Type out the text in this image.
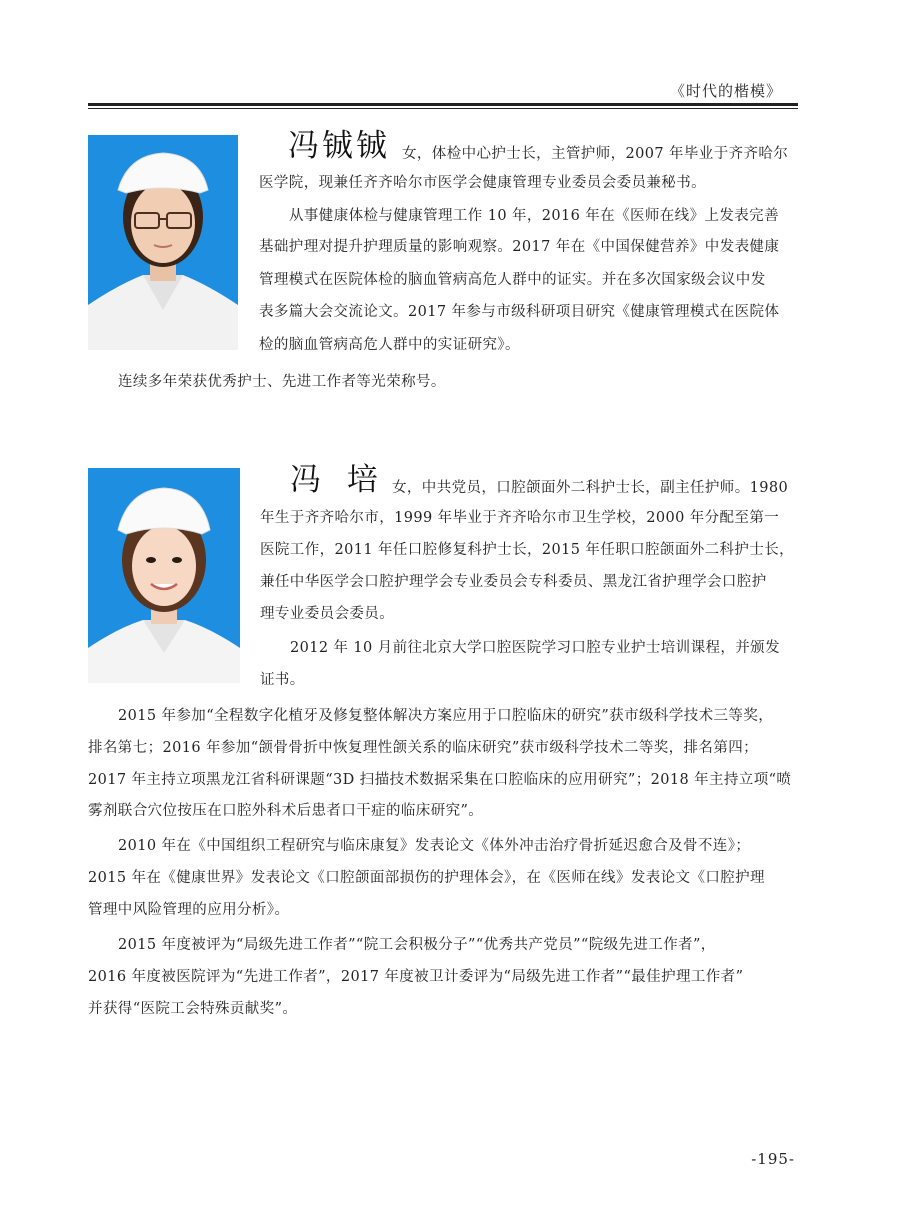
《时代的楷模》
冯铖铖 女，体检中心护士长，主管护师，2007 年毕业于齐齐哈尔
医学院，现兼任齐齐哈尔市医学会健康管理专业委员会委员兼秘书。
从事健康体检与健康管理工作 10 年，2016 年在《医师在线》上发表完善
基础护理对提升护理质量的影响观察。2017 年在《中国保健营养》中发表健康
管理模式在医院体检的脑血管病高危人群中的证实。并在多次国家级会议中发
表多篇大会交流论文。2017 年参与市级科研项目研究《健康管理模式在医院体
检的脑血管病高危人群中的实证研究》。
连续多年荣获优秀护士、先进工作者等光荣称号。
冯 培 女，中共党员，口腔颌面外二科护士长，副主任护师。1980
年生于齐齐哈尔市，1999 年毕业于齐齐哈尔市卫生学校，2000 年分配至第一
医院工作，2011 年任口腔修复科护士长，2015 年任职口腔颌面外二科护士长，
兼任中华医学会口腔护理学会专业委员会专科委员、黑龙江省护理学会口腔护
理专业委员会委员。
2012 年 10 月前往北京大学口腔医院学习口腔专业护士培训课程，并颁发
证书。
2015 年参加“全程数字化植牙及修复整体解决方案应用于口腔临床的研究”获市级科学技术三等奖，
排名第七；2016 年参加“颌骨骨折中恢复理性颌关系的临床研究”获市级科学技术二等奖，排名第四；
2017 年主持立项黑龙江省科研课题“3D 扫描技术数据采集在口腔临床的应用研究”；2018 年主持立项“喷
雾剂联合穴位按压在口腔外科术后患者口干症的临床研究”。
2010 年在《中国组织工程研究与临床康复》发表论文《体外冲击治疗骨折延迟愈合及骨不连》；
2015 年在《健康世界》发表论文《口腔颌面部损伤的护理体会》，在《医师在线》发表论文《口腔护理
管理中风险管理的应用分析》。
2015 年度被评为“局级先进工作者”“院工会积极分子”“优秀共产党员”“院级先进工作者”，
2016 年度被医院评为“先进工作者”，2017 年度被卫计委评为“局级先进工作者”“最佳护理工作者”
并获得“医院工会特殊贡献奖”。
-195-
